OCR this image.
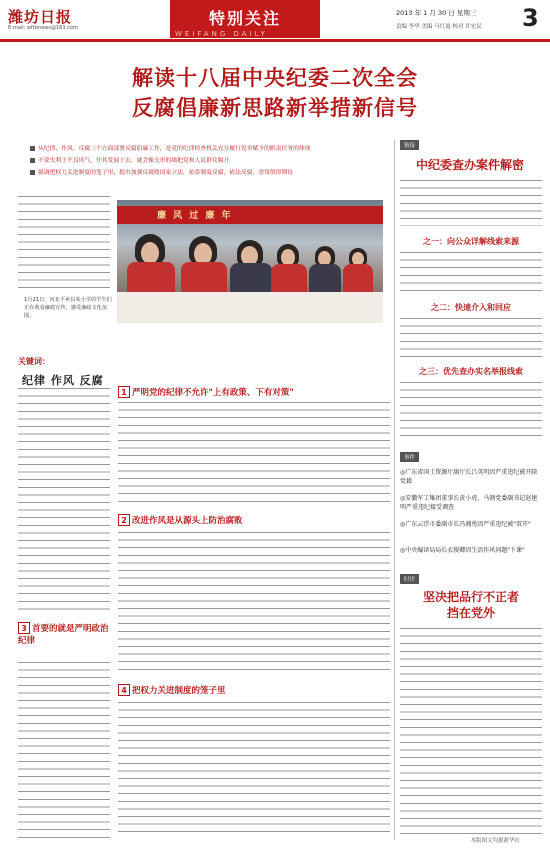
潍坊日报
E-mail: wfrbnews@163.com	特别关注
WEIFANG DAILY
2013 年 1 月 30 日 星期三
责编 李华 美编 马红霞 校对 许宏民 3
解读十八届中央纪委二次全会
反腐倡廉新思路新举措新信号
从纪律、作风、反腐三个方面部署反腐倡廉工作，是党的纪律检查机关充分履行党章赋予的职责任务的体现
不要失利王不良风气，任其发展下去，就会像无形的墙把党和人民群众隔开
强调把权力关进制度的笼子里，提出加强反腐败国家立法，依靠制度反腐，依法反腐，余常值得期待
1月21日，河北平乡县某小学的学生们正在观看廉政宣传，感受廉政文化氛围。
廉 风 过 廉 年
关键词：
纪律 作风 反腐
3 首要的就是严明政治纪律
1 严明党的纪律不允许"上有政策、下有对策"
2 改进作风是从源头上防治腐败
4 把权力关进制度的笼子里
链接
中纪委查办案件解密
之一：向公众详解线索来源
之二：快速介入和回应
之三：优先查办实名举报线索
事件
◎广东省国土资源厅副厅长吕英明因严重违纪被开除党籍
◎安徽军工集团董事长黄小虎、马钢党委副书记赵建明严重违纪接受调查
◎广东云浮市委副市长冯湘勇因严重违纪被"双开"
◎中央编译局局长衣俊卿因生活作风问题"下课"
时评
坚决把品行不正者
挡在党外
本版图文均据新华社
